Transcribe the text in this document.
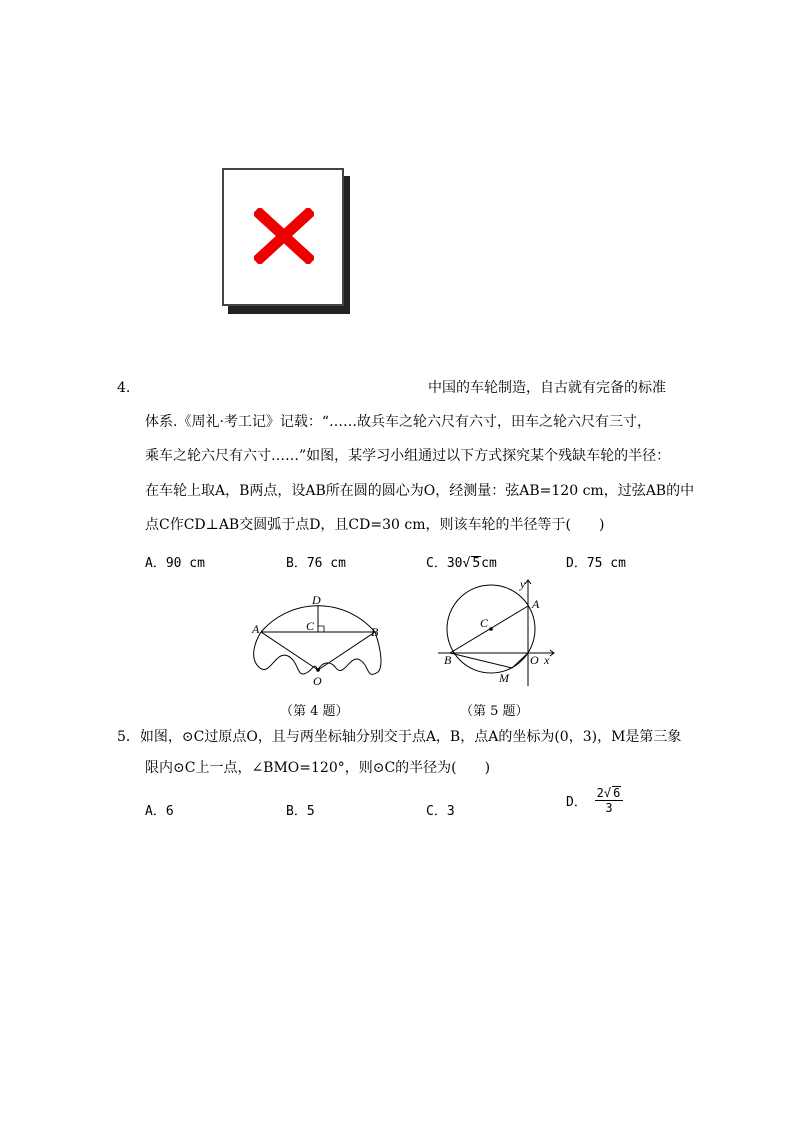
4.	中国的车轮制造，自古就有完备的标准
体系.《周礼·考工记》记载：“……故兵车之轮六尺有六寸，田车之轮六尺有三寸，
乘车之轮六尺有六寸……”如图，某学习小组通过以下方式探究某个残缺车轮的半径：
在车轮上取A，B两点，设AB所在圆的圆心为O，经测量：弦AB=120 cm，过弦AB的中
点C作CD⊥AB交圆弧于点D，且CD=30 cm，则该车轮的半径等于(　　)
A．90 cm	B．76 cm	C．30√ 5cm	D．75 cm
A	B
D
C
O
（第 4 题）
A
B
C
O
M
x
y
（第 5 题）
5．如图，⊙C过原点O，且与两坐标轴分别交于点A，B，点A的坐标为(0，3)，M是第三象
限内⊙C上一点，∠BMO=120°，则⊙C的半径为(　　)
A．6	B．5	C．3
D． $\frac{2√ 6}{3}$
